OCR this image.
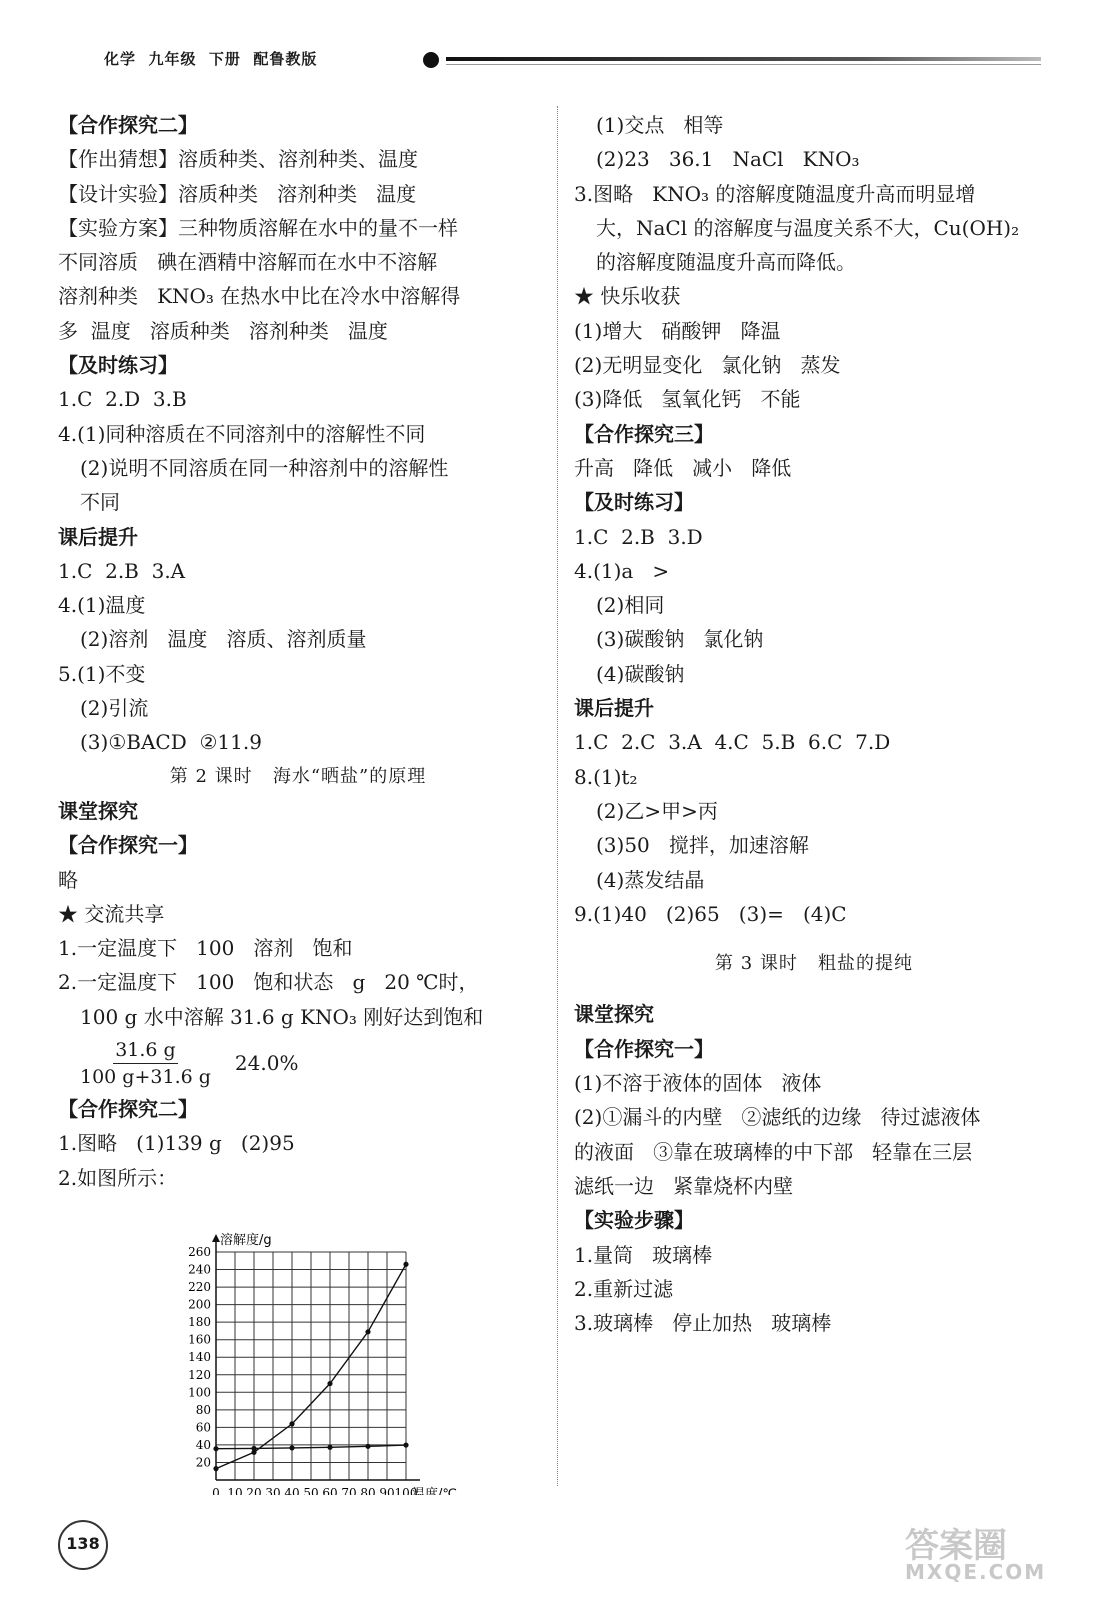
化学  九年级  下册  配鲁教版
【合作探究二】
【作出猜想】溶质种类、溶剂种类、温度
【设计实验】溶质种类   溶剂种类   温度
【实验方案】三种物质溶解在水中的量不一样
不同溶质   碘在酒精中溶解而在水中不溶解
溶剂种类   KNO₃ 在热水中比在冷水中溶解得
多  温度   溶质种类   溶剂种类   温度
【及时练习】
1.C  2.D  3.B
4.(1)同种溶质在不同溶剂中的溶解性不同
(2)说明不同溶质在同一种溶剂中的溶解性
不同
课后提升
1.C  2.B  3.A
4.(1)温度
(2)溶剂   温度   溶质、溶剂质量
5.(1)不变
(2)引流
(3)①BACD  ②11.9
第 2 课时   海水“晒盐”的原理
课堂探究
【合作探究一】
略
★ 交流共享
1.一定温度下   100   溶剂   饱和
2.一定温度下   100   饱和状态   g   20 ℃时，
100 g 水中溶解 31.6 g KNO₃ 刚好达到饱和
$\frac{31.6 g}{100 g+31.6 g} 24.0\%$
【合作探究二】
1.图略   (1)139 g   (2)95
2.如图所示：
20
40
60
80
100
120
140
160
180
200
220
240
260
0 10 20 30 40 50 60 70 80 90 100
溶解度/g
温度/℃
(1)交点   相等
(2)23   36.1   NaCl   KNO₃
3.图略   KNO₃ 的溶解度随温度升高而明显增
大，NaCl 的溶解度与温度关系不大，Cu(OH)₂
的溶解度随温度升高而降低。
★ 快乐收获
(1)增大   硝酸钾   降温
(2)无明显变化   氯化钠   蒸发
(3)降低   氢氧化钙   不能
【合作探究三】
升高   降低   减小   降低
【及时练习】
1.C  2.B  3.D
4.(1)a   >
(2)相同
(3)碳酸钠   氯化钠
(4)碳酸钠
课后提升
1.C  2.C  3.A  4.C  5.B  6.C  7.D
8.(1)t₂
(2)乙>甲>丙
(3)50   搅拌，加速溶解
(4)蒸发结晶
9.(1)40   (2)65   (3)=   (4)C
第 3 课时   粗盐的提纯
课堂探究
【合作探究一】
(1)不溶于液体的固体   液体
(2)①漏斗的内壁   ②滤纸的边缘   待过滤液体
的液面   ③靠在玻璃棒的中下部   轻靠在三层
滤纸一边   紧靠烧杯内壁
【实验步骤】
1.量筒   玻璃棒
2.重新过滤
3.玻璃棒   停止加热   玻璃棒
138	答案圈
MXQE.COM
